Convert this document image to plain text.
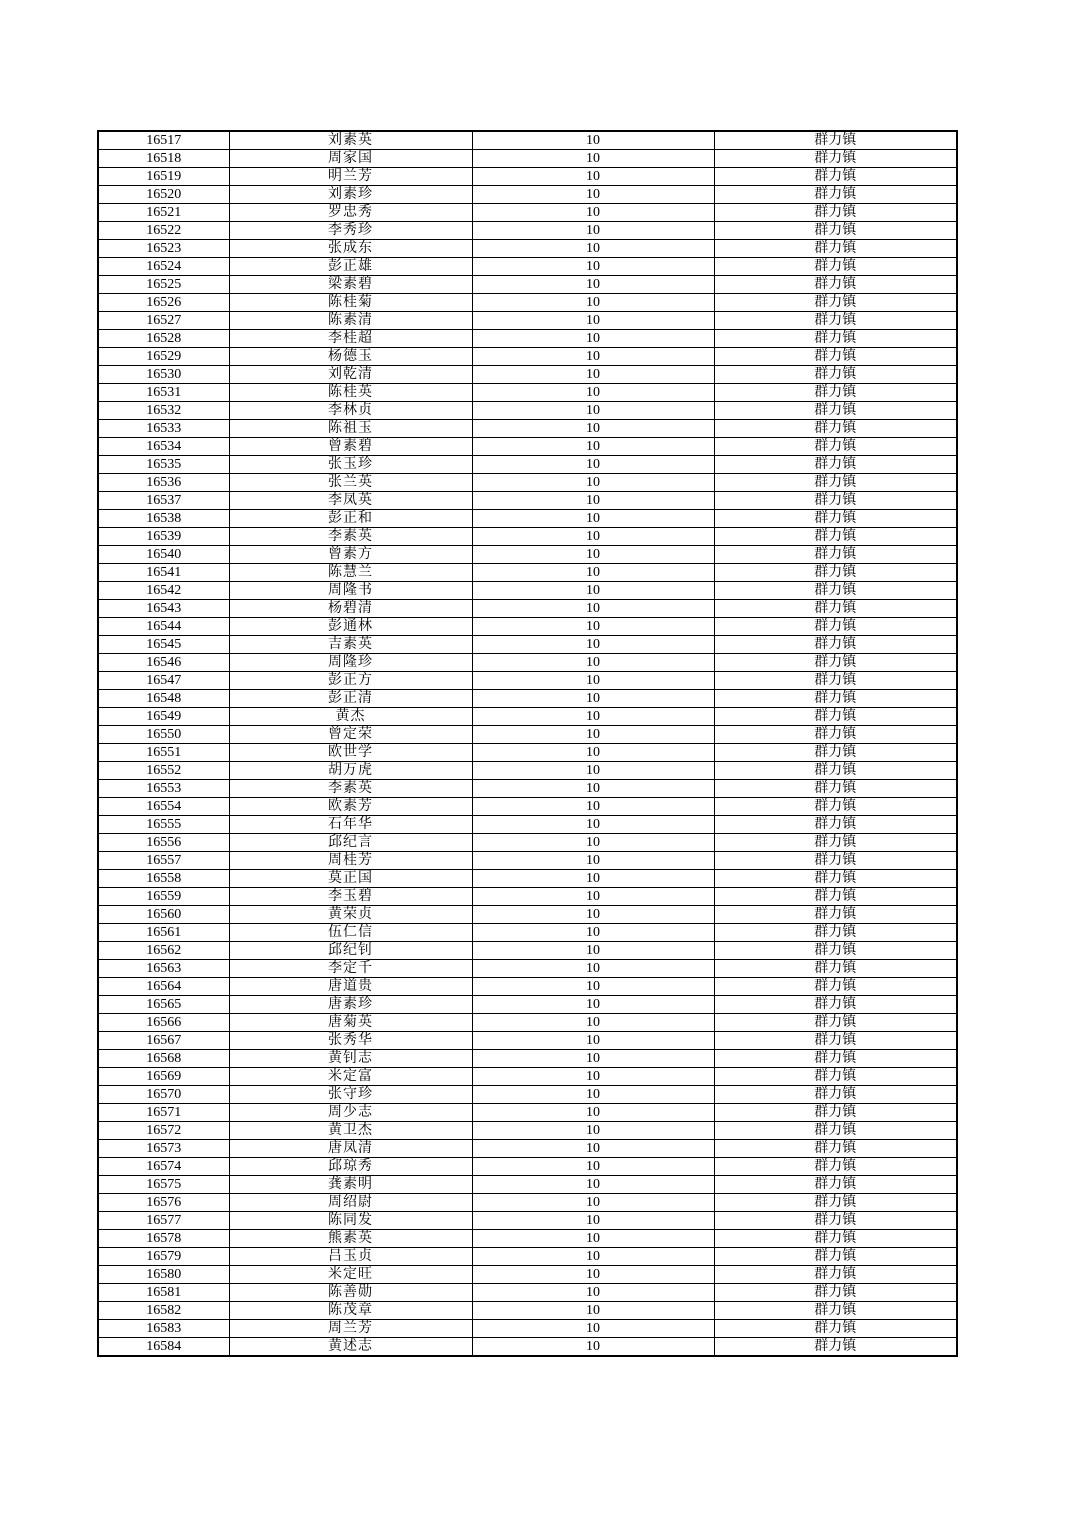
16517	刘素英	10	群力镇
16518	周家国	10	群力镇
16519	明兰芳	10	群力镇
16520	刘素珍	10	群力镇
16521	罗忠秀	10	群力镇
16522	李秀珍	10	群力镇
16523	张成东	10	群力镇
16524	彭正雄	10	群力镇
16525	梁素碧	10	群力镇
16526	陈桂菊	10	群力镇
16527	陈素清	10	群力镇
16528	李桂超	10	群力镇
16529	杨德玉	10	群力镇
16530	刘乾清	10	群力镇
16531	陈桂英	10	群力镇
16532	李林贞	10	群力镇
16533	陈祖玉	10	群力镇
16534	曾素碧	10	群力镇
16535	张玉珍	10	群力镇
16536	张兰英	10	群力镇
16537	李凤英	10	群力镇
16538	彭正和	10	群力镇
16539	李素英	10	群力镇
16540	曾素方	10	群力镇
16541	陈慧兰	10	群力镇
16542	周隆书	10	群力镇
16543	杨碧清	10	群力镇
16544	彭通林	10	群力镇
16545	吉素英	10	群力镇
16546	周隆珍	10	群力镇
16547	彭正方	10	群力镇
16548	彭正清	10	群力镇
16549	黄杰	10	群力镇
16550	曾定荣	10	群力镇
16551	欧世学	10	群力镇
16552	胡万虎	10	群力镇
16553	李素英	10	群力镇
16554	欧素芳	10	群力镇
16555	石年华	10	群力镇
16556	邱纪言	10	群力镇
16557	周桂芳	10	群力镇
16558	莫正国	10	群力镇
16559	李玉碧	10	群力镇
16560	黄荣贞	10	群力镇
16561	伍仁信	10	群力镇
16562	邱纪钊	10	群力镇
16563	李定千	10	群力镇
16564	唐道贵	10	群力镇
16565	唐素珍	10	群力镇
16566	唐菊英	10	群力镇
16567	张秀华	10	群力镇
16568	黄钊志	10	群力镇
16569	米定富	10	群力镇
16570	张守珍	10	群力镇
16571	周少志	10	群力镇
16572	黄卫杰	10	群力镇
16573	唐凤清	10	群力镇
16574	邱琼秀	10	群力镇
16575	龚素明	10	群力镇
16576	周绍尉	10	群力镇
16577	陈同发	10	群力镇
16578	熊素英	10	群力镇
16579	吕玉贞	10	群力镇
16580	米定旺	10	群力镇
16581	陈善勋	10	群力镇
16582	陈茂章	10	群力镇
16583	周兰芳	10	群力镇
16584	黄述志	10	群力镇
